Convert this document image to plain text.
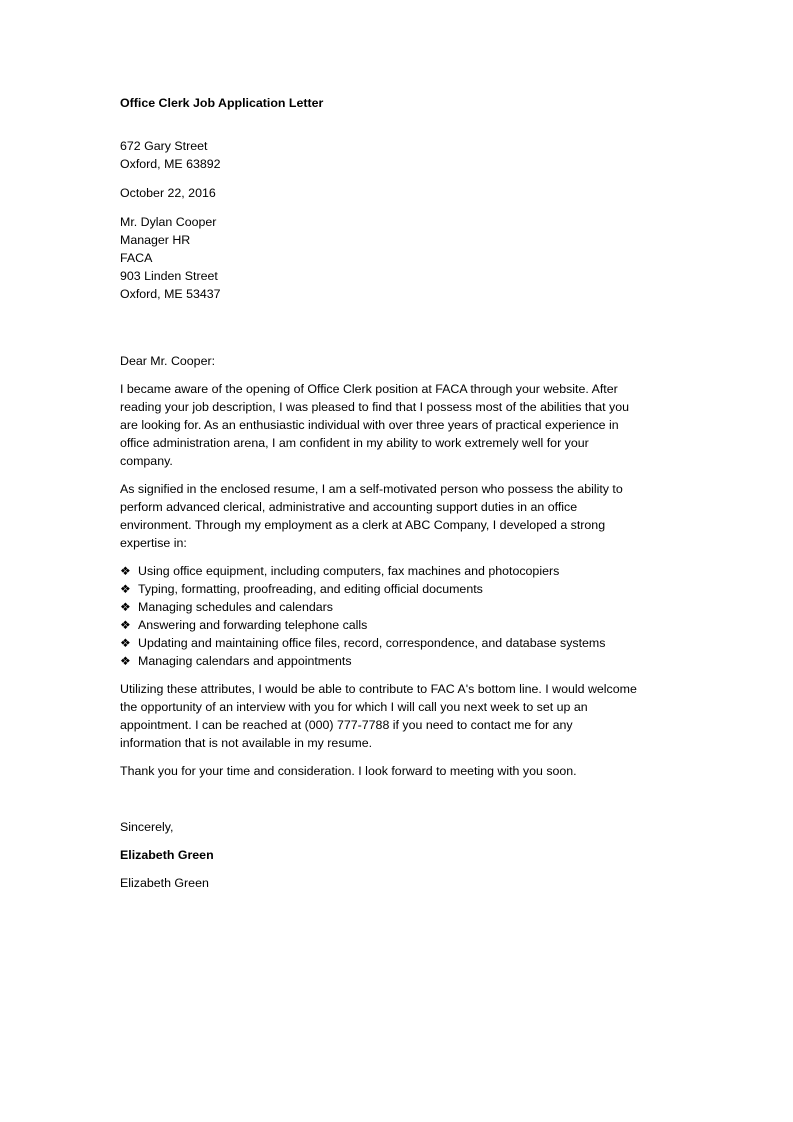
Office Clerk Job Application Letter
672 Gary Street
Oxford, ME 63892
October 22, 2016
Mr. Dylan Cooper
Manager HR
FACA
903 Linden Street
Oxford, ME 53437
Dear Mr. Cooper:
I became aware of the opening of Office Clerk position at FACA through your website. After
reading your job description, I was pleased to find that I possess most of the abilities that you
are looking for. As an enthusiastic individual with over three years of practical experience in
office administration arena, I am confident in my ability to work extremely well for your
company.
As signified in the enclosed resume, I am a self-motivated person who possess the ability to
perform advanced clerical, administrative and accounting support duties in an office
environment. Through my employment as a clerk at ABC Company, I developed a strong
expertise in:
❖ Using office equipment, including computers, fax machines and photocopiers
❖ Typing, formatting, proofreading, and editing official documents
❖ Managing schedules and calendars
❖ Answering and forwarding telephone calls
❖ Updating and maintaining office files, record, correspondence, and database systems
❖ Managing calendars and appointments
Utilizing these attributes, I would be able to contribute to FAC A's bottom line. I would welcome
the opportunity of an interview with you for which I will call you next week to set up an
appointment. I can be reached at (000) 777-7788 if you need to contact me for any
information that is not available in my resume.
Thank you for your time and consideration. I look forward to meeting with you soon.
Sincerely,
Elizabeth Green
Elizabeth Green
